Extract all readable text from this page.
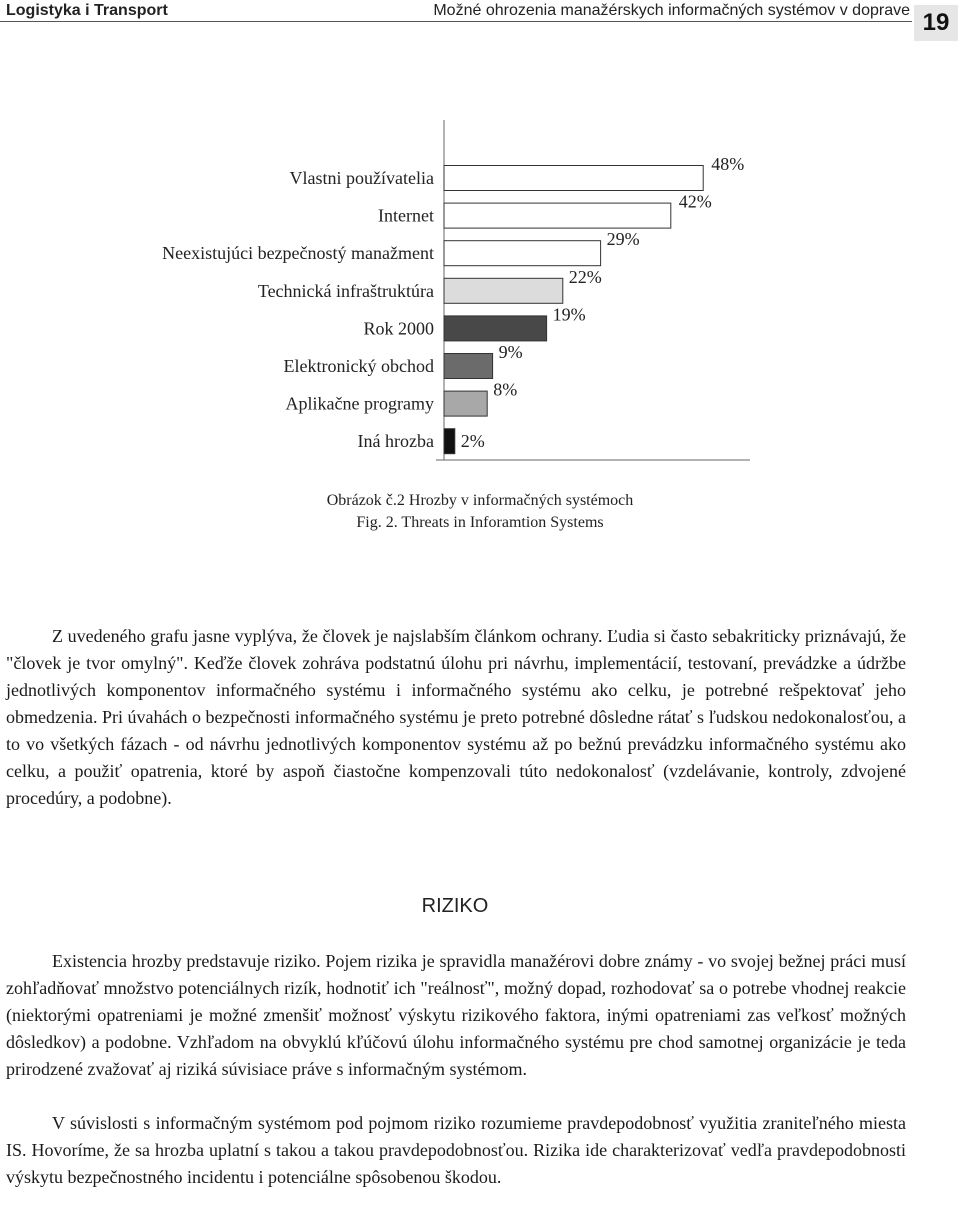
Logistyka i Transport	Možné ohrozenia manažérskych informačných systémov v doprave 19
Vlastni používatelia
48%
Internet
42%
Neexistujúci bezpečnostý manažment
29%
Technická infraštruktúra
22%
Rok 2000
19%
Elektronický obchod
9%
Aplikačne programy
8%
Iná hrozba 2%
Obrázok č.2 Hrozby v informačných systémoch
Fig. 2. Threats in Inforamtion Systems

Z uvedeného grafu jasne vyplýva, že človek je najslabším článkom ochrany. Ľudia si často sebakriticky priznávajú, že "človek je tvor omylný". Keďže človek zohráva podstatnú úlohu pri návrhu, implementácií, testovaní, prevádzke a údržbe jednotlivých komponentov informačného systému i informačného systému ako celku, je potrebné rešpektovať jeho obmedzenia. Pri úvahách o bezpečnosti informačného systému je preto potrebné dôsledne rátať s ľudskou nedokonalosťou, a to vo všetkých fázach - od návrhu jednotlivých komponentov systému až po bežnú prevádzku informačného systému ako celku, a použiť opatrenia, ktoré by aspoň čiastočne kompenzovali túto nedokonalosť (vzdelávanie, kontroly, zdvojené procedúry, a podobne).

RIZIKO

Existencia hrozby predstavuje riziko. Pojem rizika je spravidla manažérovi dobre známy - vo svojej bežnej práci musí zohľadňovať množstvo potenciálnych rizík, hodnotiť ich "reálnosť", možný dopad, rozhodovať sa o potrebe vhodnej reakcie (niektorými opatreniami je možné zmenšiť možnosť výskytu rizikového faktora, inými opatreniami zas veľkosť možných dôsledkov) a podobne. Vzhľadom na obvyklú kľúčovú úlohu informačného systému pre chod samotnej organizácie je teda prirodzené zvažovať aj riziká súvisiace práve s informačným systémom.

V súvislosti s informačným systémom pod pojmom riziko rozumieme pravdepodobnosť využitia zraniteľného miesta IS. Hovoríme, že sa hrozba uplatní s takou a takou pravdepodobnosťou. Rizika ide charakterizovať vedľa pravdepodobnosti výskytu bezpečnostného incidentu i potenciálne spôsobenou škodou.
